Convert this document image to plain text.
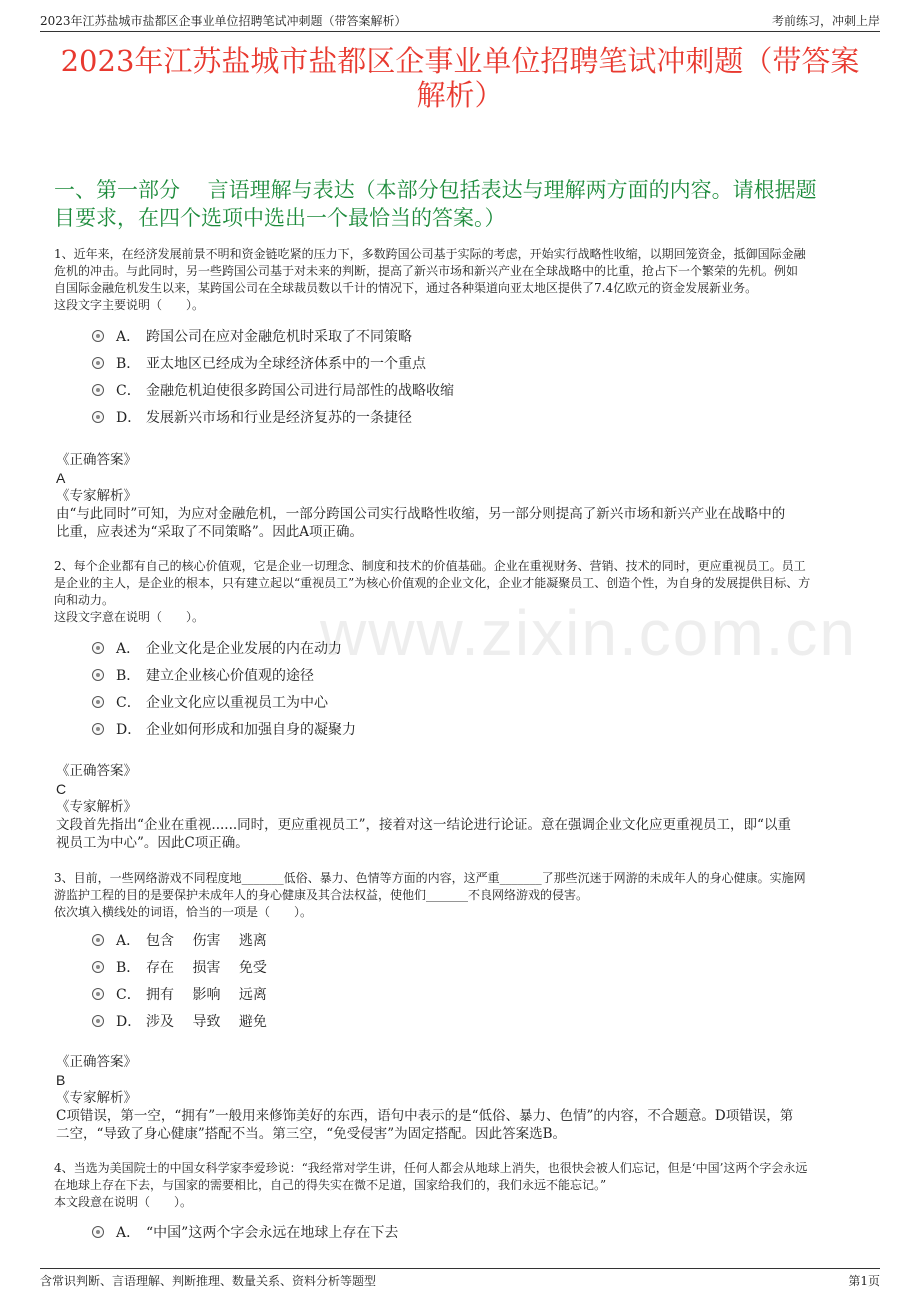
2023年江苏盐城市盐都区企事业单位招聘笔试冲刺题（带答案解析）	考前练习，冲刺上岸
2023年江苏盐城市盐都区企事业单位招聘笔试冲刺题（带答案
解析）
一、第一部分　 言语理解与表达（本部分包括表达与理解两方面的内容。请根据题
目要求，在四个选项中选出一个最恰当的答案。）
www.zixin.com.cn

1、近年来，在经济发展前景不明和资金链吃紧的压力下，多数跨国公司基于实际的考虑，开始实行战略性收缩，以期回笼资金，抵御国际金融

危机的冲击。与此同时，另一些跨国公司基于对未来的判断，提高了新兴市场和新兴产业在全球战略中的比重，抢占下一个繁荣的先机。例如

自国际金融危机发生以来，某跨国公司在全球裁员数以千计的情况下，通过各种渠道向亚太地区提供了7.4亿欧元的资金发展新业务。

这段文字主要说明（　　）。

A． 跨国公司在应对金融危机时采取了不同策略
B． 亚太地区已经成为全球经济体系中的一个重点
C． 金融危机迫使很多跨国公司进行局部性的战略收缩
D． 发展新兴市场和行业是经济复苏的一条捷径
《正确答案》
A
《专家解析》
由“与此同时”可知，为应对金融危机，一部分跨国公司实行战略性收缩，另一部分则提高了新兴市场和新兴产业在战略中的
比重，应表述为“采取了不同策略”。因此A项正确。

2、每个企业都有自己的核心价值观，它是企业一切理念、制度和技术的价值基础。企业在重视财务、营销、技术的同时，更应重视员工。员工

是企业的主人，是企业的根本，只有建立起以“重视员工”为核心价值观的企业文化，企业才能凝聚员工、创造个性，为自身的发展提供目标、方

向和动力。

这段文字意在说明（　　）。

A． 企业文化是企业发展的内在动力
B． 建立企业核心价值观的途径
C． 企业文化应以重视员工为中心
D． 企业如何形成和加强自身的凝聚力
《正确答案》
C
《专家解析》
文段首先指出“企业在重视......同时，更应重视员工”，接着对这一结论进行论证。意在强调企业文化应更重视员工，即“以重
视员工为中心”。因此C项正确。

3、目前，一些网络游戏不同程度地_______低俗、暴力、色情等方面的内容，这严重_______了那些沉迷于网游的未成年人的身心健康。实施网

游监护工程的目的是要保护未成年人的身心健康及其合法权益，使他们_______不良网络游戏的侵害。

依次填入横线处的词语，恰当的一项是（　　）。

A． 包含　 伤害　 逃离
B． 存在　 损害　 免受
C． 拥有　 影响　 远离
D． 涉及　 导致　 避免
《正确答案》
B
《专家解析》
C项错误，第一空，“拥有”一般用来修饰美好的东西，语句中表示的是“低俗、暴力、色情”的内容，不合题意。D项错误，第
二空，“导致了身心健康”搭配不当。第三空，“免受侵害”为固定搭配。因此答案选B。

4、当选为美国院士的中国女科学家李爱珍说：“我经常对学生讲，任何人都会从地球上消失，也很快会被人们忘记，但是‘中国’这两个字会永远

在地球上存在下去，与国家的需要相比，自己的得失实在微不足道，国家给我们的，我们永远不能忘记。”

本文段意在说明（　　）。

A． “中国”这两个字会永远在地球上存在下去
含常识判断、言语理解、判断推理、数量关系、资料分析等题型	第1页
